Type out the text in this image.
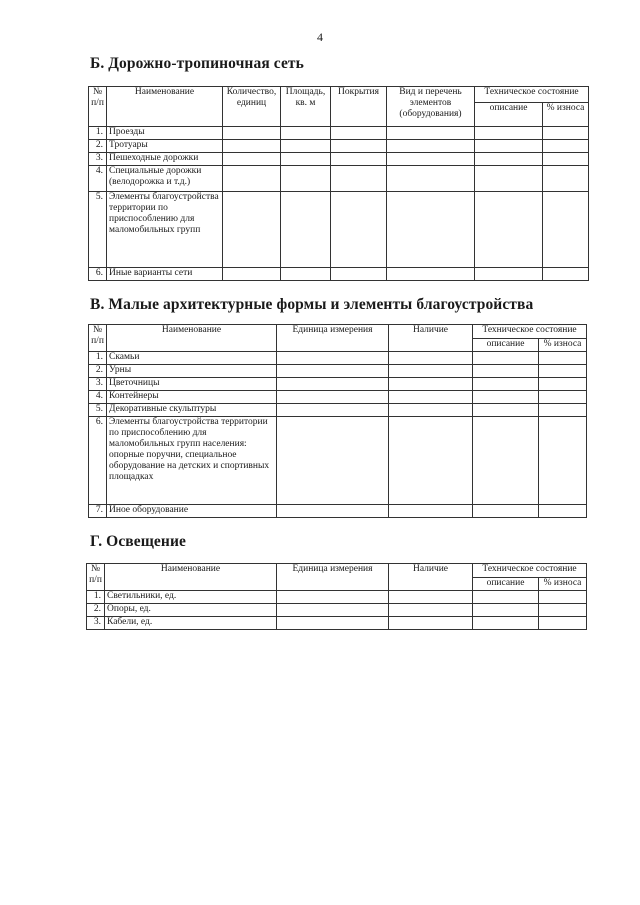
4
Б. Дорожно-тропиночная сеть
№ п/п	Наименование	Количество, единиц	Площадь, кв. м	Покрытия	Вид и перечень элементов (оборудования)	Техническое состояние	
						описание	% износа
1.	Проезды						
2.	Тротуары						
3.	Пешеходные дорожки						
4.	Специальные дорожки (велодорожка и т.д.)						
5.	Элементы благоустройства территории по приспособлению для маломобильных групп						
6.	Иные варианты сети						
В. Малые архитектурные формы и элементы благоустройства
№ п/п	Наименование	Единица измерения	Наличие	Техническое состояние	
				описание	% износа
1.	Скамьи				
2.	Урны				
3.	Цветочницы				
4.	Контейнеры				
5.	Декоративные скульптуры				
6.	Элементы благоустройства территории по приспособлению для маломобильных групп населения: опорные поручни, специальное оборудование на детских и спортивных площадках				
7.	Иное оборудование				
Г. Освещение
№ п/п	Наименование	Единица измерения	Наличие	Техническое состояние	
				описание	% износа
1.	Светильники, ед.				
2.	Опоры, ед.				
3.	Кабели, ед.				
